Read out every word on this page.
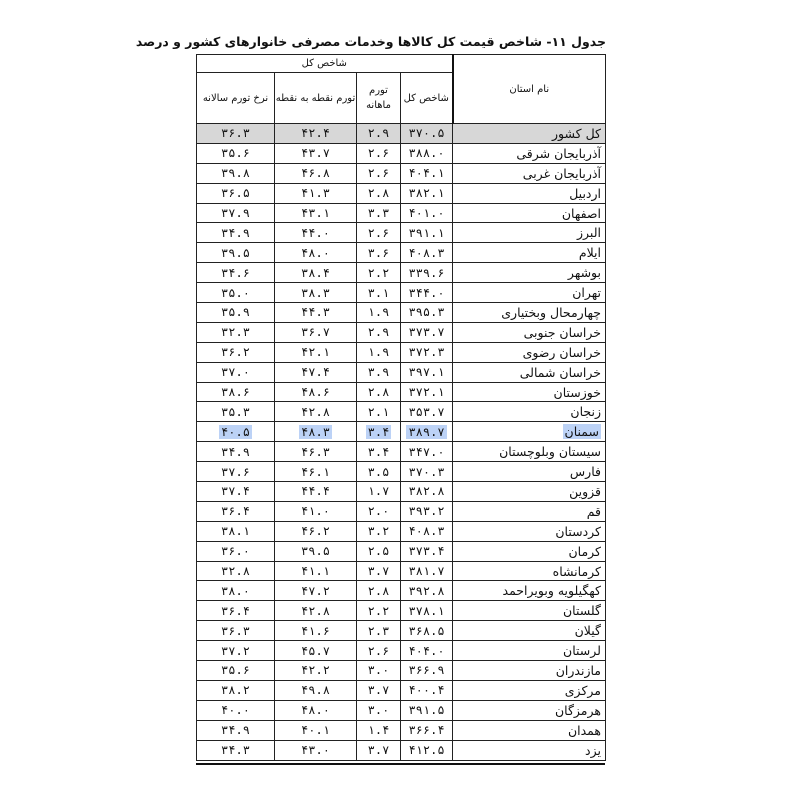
جدول ۱۱- شاخص قیمت کل کالاها وخدمات مصرفی خانوارهای کشور و درصد
نام استان	شاخص کل			
	شاخص کل	تورم ماهانه	تورم نقطه به نقطه	نرخ تورم سالانه
کل کشور	۳۷۰.۵	۲.۹	۴۲.۴	۳۶.۳
آذربایجان شرقی	۳۸۸.۰	۲.۶	۴۳.۷	۳۵.۶
آذربایجان غربی	۴۰۴.۱	۲.۶	۴۶.۸	۳۹.۸
اردبیل	۳۸۲.۱	۲.۸	۴۱.۳	۳۶.۵
اصفهان	۴۰۱.۰	۳.۳	۴۳.۱	۳۷.۹
البرز	۳۹۱.۱	۲.۶	۴۴.۰	۳۴.۹
ایلام	۴۰۸.۳	۳.۶	۴۸.۰	۳۹.۵
بوشهر	۳۳۹.۶	۲.۲	۳۸.۴	۳۴.۶
تهران	۳۴۴.۰	۳.۱	۳۸.۳	۳۵.۰
چهارمحال وبختیاری	۳۹۵.۳	۱.۹	۴۴.۳	۳۵.۹
خراسان جنوبی	۳۷۳.۷	۲.۹	۳۶.۷	۳۲.۳
خراسان رضوی	۳۷۲.۳	۱.۹	۴۲.۱	۳۶.۲
خراسان شمالی	۳۹۷.۱	۳.۹	۴۷.۴	۳۷.۰
خوزستان	۳۷۲.۱	۲.۸	۴۸.۶	۳۸.۶
زنجان	۳۵۳.۷	۲.۱	۴۲.۸	۳۵.۳
سمنان	۳۸۹.۷	۳.۴	۴۸.۳	۴۰.۵
سیستان وبلوچستان	۳۴۷.۰	۳.۴	۴۶.۳	۳۴.۹
فارس	۳۷۰.۳	۳.۵	۴۶.۱	۳۷.۶
قزوین	۳۸۲.۸	۱.۷	۴۴.۴	۳۷.۴
قم	۳۹۳.۲	۲.۰	۴۱.۰	۳۶.۴
کردستان	۴۰۸.۳	۳.۲	۴۶.۲	۳۸.۱
کرمان	۳۷۳.۴	۲.۵	۳۹.۵	۳۶.۰
کرمانشاه	۳۸۱.۷	۳.۷	۴۱.۱	۳۲.۸
کهگیلویه وبویراحمد	۳۹۲.۸	۲.۸	۴۷.۲	۳۸.۰
گلستان	۳۷۸.۱	۲.۲	۴۲.۸	۳۶.۴
گیلان	۳۶۸.۵	۲.۳	۴۱.۶	۳۶.۳
لرستان	۴۰۴.۰	۲.۶	۴۵.۷	۳۷.۲
مازندران	۳۶۶.۹	۳.۰	۴۲.۲	۳۵.۶
مرکزی	۴۰۰.۴	۳.۷	۴۹.۸	۳۸.۲
هرمزگان	۳۹۱.۵	۳.۰	۴۸.۰	۴۰.۰
همدان	۳۶۶.۴	۱.۴	۴۰.۱	۳۴.۹
یزد	۴۱۲.۵	۳.۷	۴۳.۰	۳۴.۳
